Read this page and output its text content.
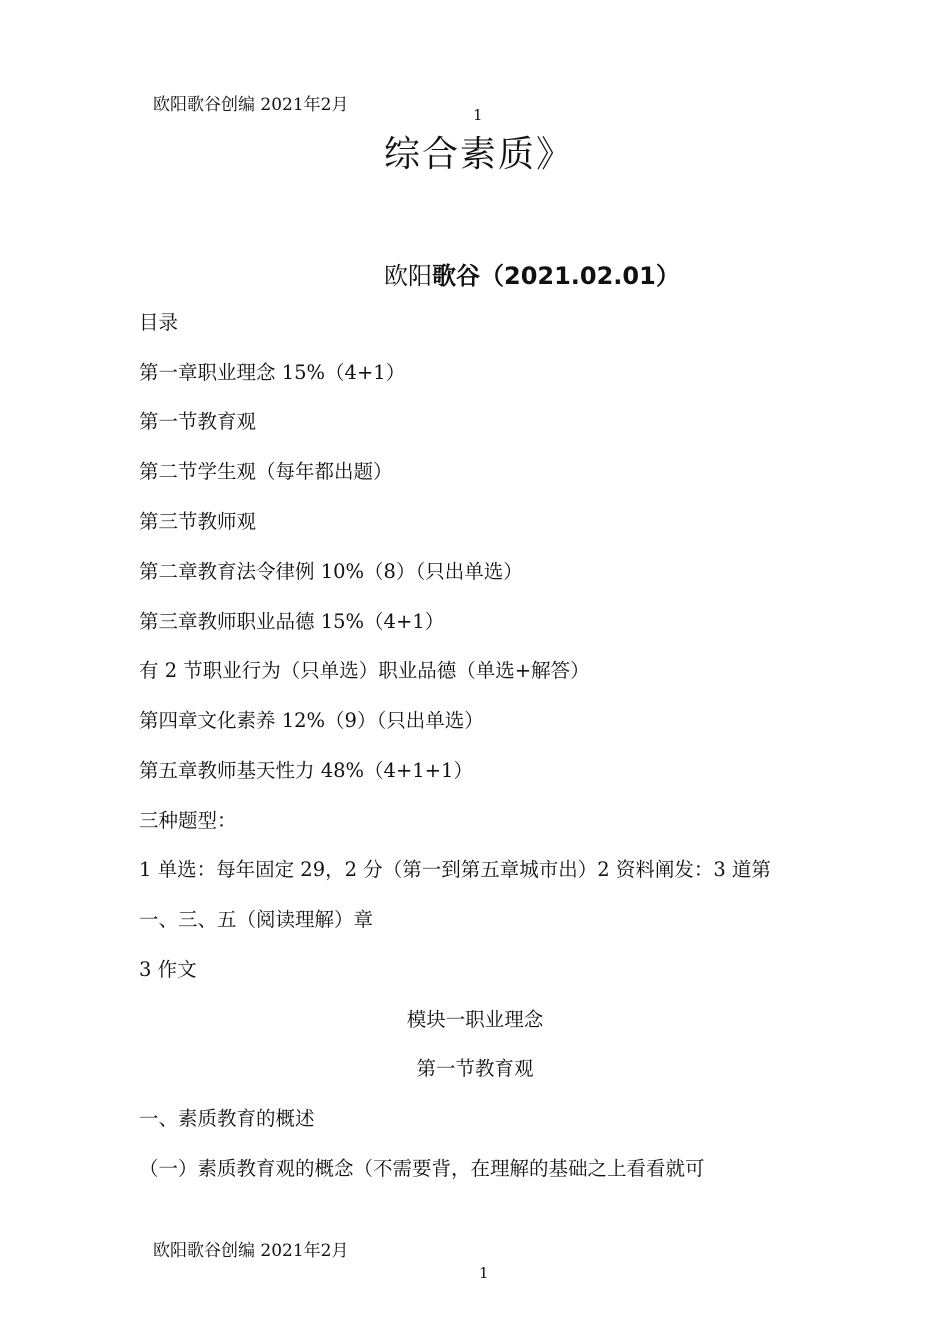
欧阳歌谷创编 2021年2月	1
综合素质》
欧阳歌谷（2021.02.01）
目录
第一章职业理念 15%（4+1）
第一节教育观
第二节学生观（每年都出题）
第三节教师观
第二章教育法令律例 10%（8）（只出单选）
第三章教师职业品德 15%（4+1）
有 2 节职业行为（只单选）职业品德（单选+解答）
第四章文化素养 12%（9）（只出单选）
第五章教师基天性力 48%（4+1+1）
三种题型：
1 单选：每年固定 29，2 分（第一到第五章城市出）2 资料阐发：3 道第
一、三、五（阅读理解）章
3 作文
模块一职业理念
第一节教育观
一、素质教育的概述
（一）素质教育观的概念（不需要背，在理解的基础之上看看就可
欧阳歌谷创编 2021年2月
1
